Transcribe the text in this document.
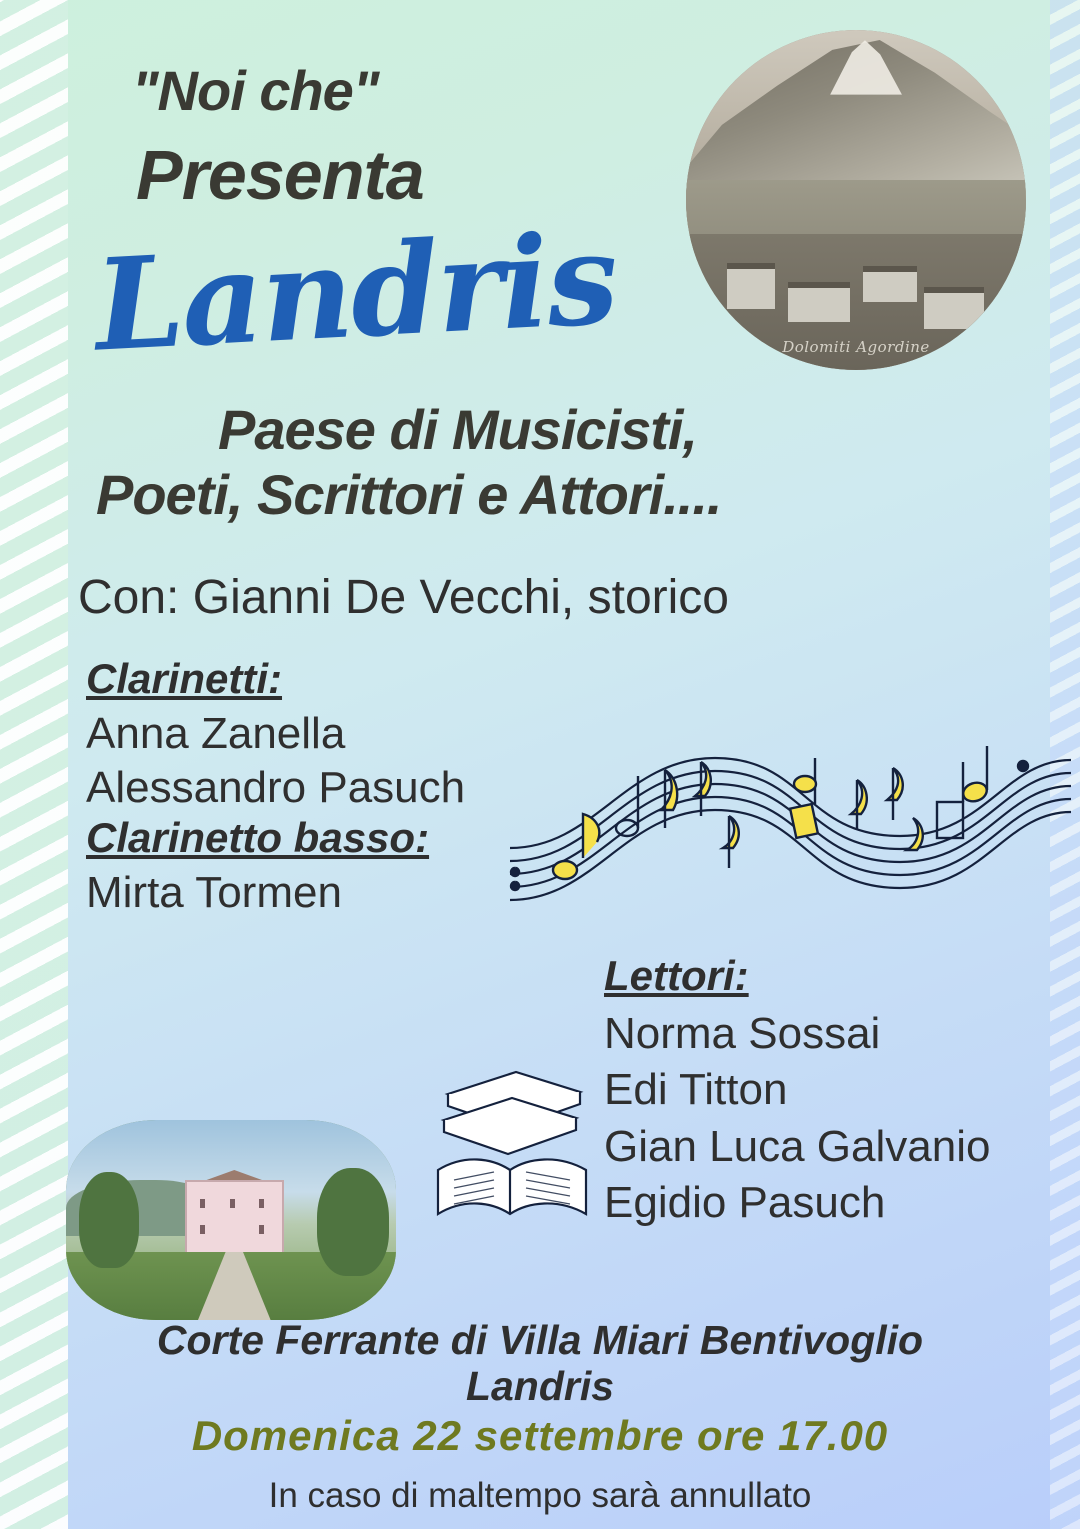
"Noi che"
Presenta
Landris
Paese di Musicisti,
Poeti, Scrittori e Attori....
Con: Gianni De Vecchi, storico
Clarinetti:
Anna Zanella
Alessandro Pasuch
Clarinetto basso:
Mirta Tormen
Lettori:
Norma Sossai
Edi Titton
Gian Luca Galvanio
Egidio Pasuch
Dolomiti Agordine
Corte Ferrante di Villa Miari Bentivoglio
Landris
Domenica 22 settembre ore 17.00
In caso di maltempo sarà annullato
